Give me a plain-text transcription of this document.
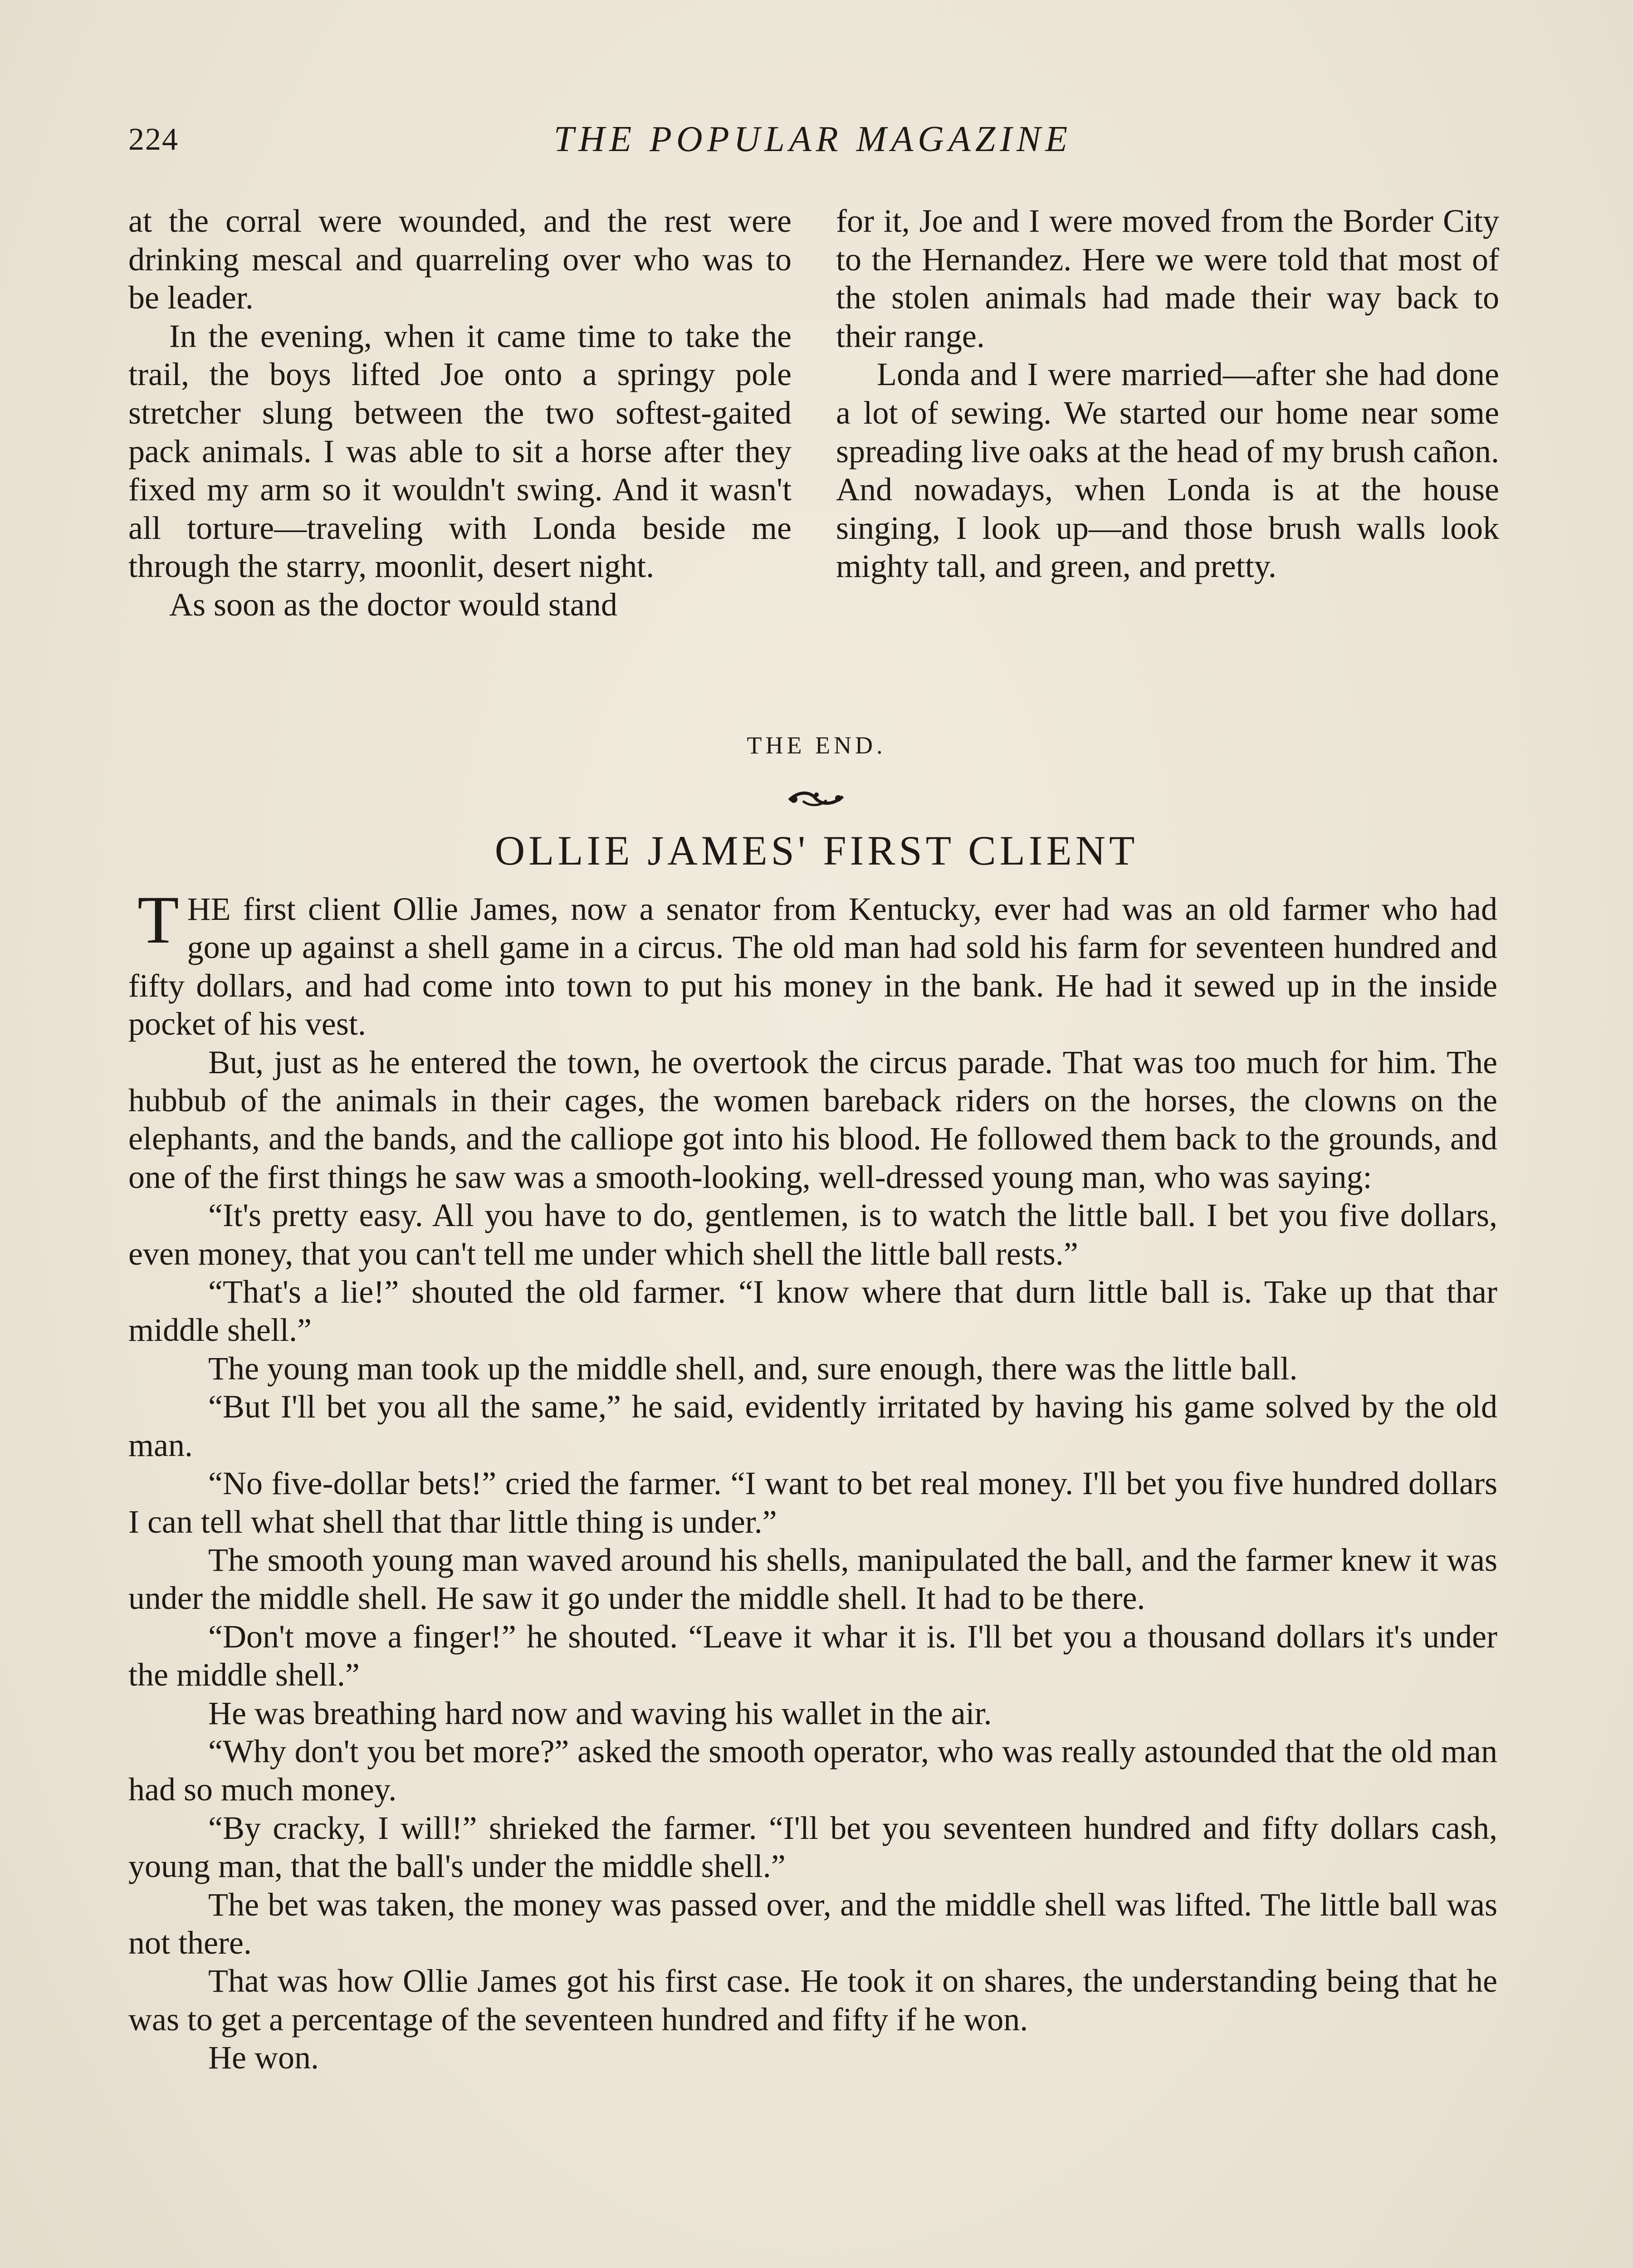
224	THE POPULAR MAGAZINE

at the corral were wounded, and the rest were drinking mescal and quarreling over who was to be leader.

In the evening, when it came time to take the trail, the boys lifted Joe onto a springy pole stretcher slung between the two softest-gaited pack animals. I was able to sit a horse after they fixed my arm so it wouldn't swing. And it wasn't all torture—traveling with Londa beside me through the starry, moonlit, desert night.

As soon as the doctor would stand

for it, Joe and I were moved from the Border City to the Hernandez. Here we were told that most of the stolen animals had made their way back to their range.

Londa and I were married—after she had done a lot of sewing. We started our home near some spreading live oaks at the head of my brush cañon. And nowadays, when Londa is at the house singing, I look up—and those brush walls look mighty tall, and green, and pretty.

THE END.
OLLIE JAMES' FIRST CLIENT

THE first client Ollie James, now a senator from Kentucky, ever had was an old farmer who had gone up against a shell game in a circus. The old man had sold his farm for seventeen hundred and fifty dollars, and had come into town to put his money in the bank. He had it sewed up in the inside pocket of his vest.

But, just as he entered the town, he overtook the circus parade. That was too much for him. The hubbub of the animals in their cages, the women bareback riders on the horses, the clowns on the elephants, and the bands, and the calliope got into his blood. He followed them back to the grounds, and one of the first things he saw was a smooth-looking, well-dressed young man, who was saying:

“It's pretty easy. All you have to do, gentlemen, is to watch the little ball. I bet you five dollars, even money, that you can't tell me under which shell the little ball rests.”

“That's a lie!” shouted the old farmer. “I know where that durn little ball is. Take up that thar middle shell.”

The young man took up the middle shell, and, sure enough, there was the little ball.

“But I'll bet you all the same,” he said, evidently irritated by having his game solved by the old man.

“No five-dollar bets!” cried the farmer. “I want to bet real money. I'll bet you five hundred dollars I can tell what shell that thar little thing is under.”

The smooth young man waved around his shells, manipulated the ball, and the farmer knew it was under the middle shell. He saw it go under the middle shell. It had to be there.

“Don't move a finger!” he shouted. “Leave it whar it is. I'll bet you a thousand dollars it's under the middle shell.”

He was breathing hard now and waving his wallet in the air.

“Why don't you bet more?” asked the smooth operator, who was really astounded that the old man had so much money.

“By cracky, I will!” shrieked the farmer. “I'll bet you seventeen hundred and fifty dollars cash, young man, that the ball's under the middle shell.”

The bet was taken, the money was passed over, and the middle shell was lifted. The little ball was not there.

That was how Ollie James got his first case. He took it on shares, the understanding being that he was to get a percentage of the seventeen hundred and fifty if he won.

He won.
